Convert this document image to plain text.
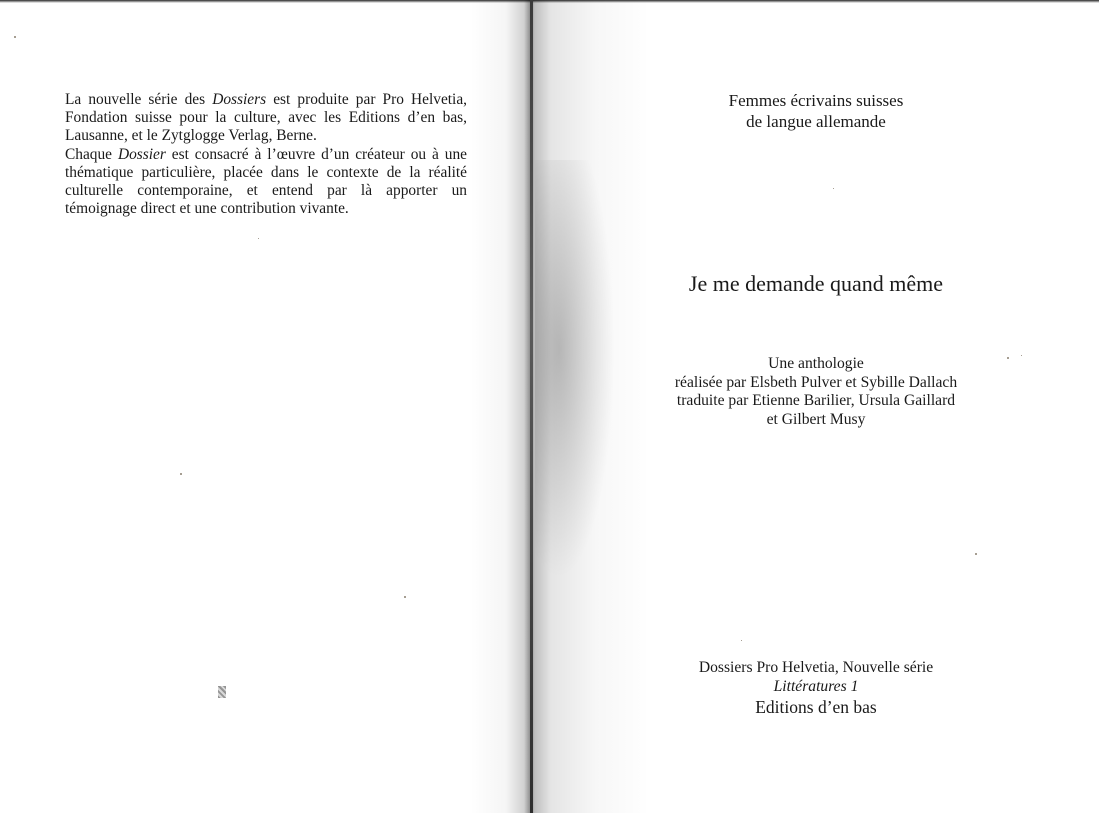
La nouvelle série des Dossiers est produite par Pro Helvetia, Fondation suisse pour la culture, avec les Editions d’en bas, Lausanne, et le Zytglogge Verlag, Berne.

Chaque Dossier est consacré à l’œuvre d’un créateur ou à une thématique particulière, placée dans le contexte de la réalité culturelle contemporaine, et entend par là apporter un témoignage direct et une contribution vivante.

Femmes écrivains suisses
de langue allemande
Je me demande quand même
Une anthologie
réalisée par Elsbeth Pulver et Sybille Dallach
traduite par Etienne Barilier, Ursula Gaillard
et Gilbert Musy
Dossiers Pro Helvetia, Nouvelle série
Littératures 1
Editions d’en bas
